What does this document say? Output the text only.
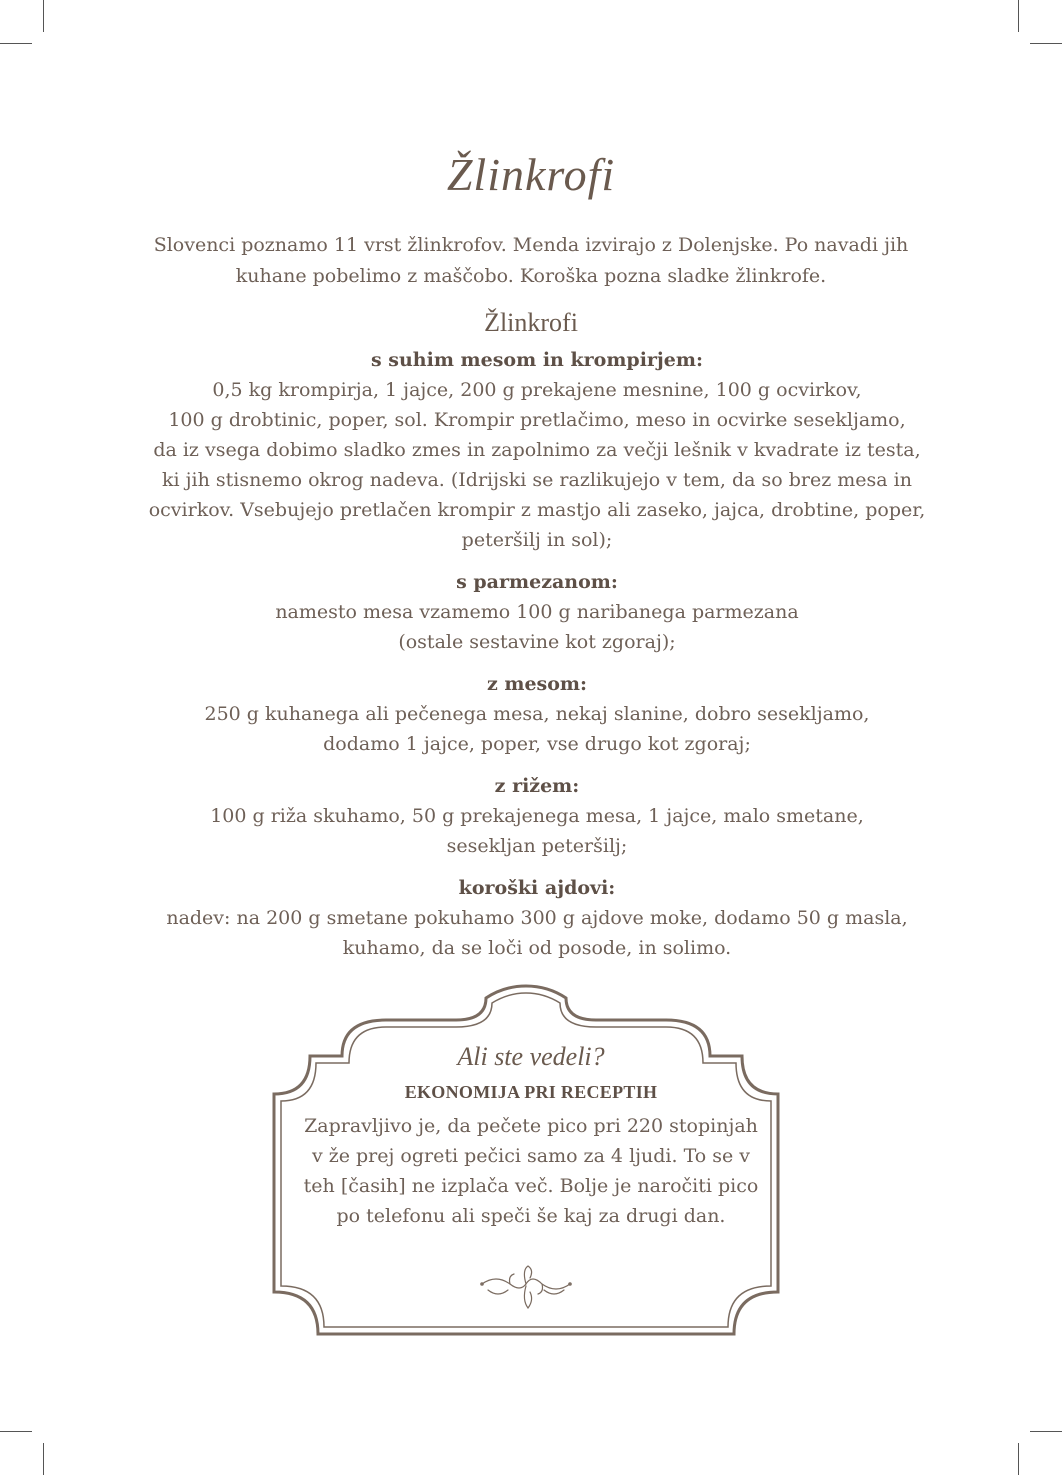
Žlinkrofi
Slovenci poznamo 11 vrst žlinkrofov. Menda izvirajo z Dolenjske. Po navadi jih kuhane pobelimo z maščobo. Koroška pozna sladke žlinkrofe.
Žlinkrofi
s suhim mesom in krompirjem:

0,5 kg krompirja, 1 jajce, 200 g prekajene mesnine, 100 g ocvirkov,

100 g drobtinic, poper, sol. Krompir pretlačimo, meso in ocvirke sesekljamo,

da iz vsega dobimo sladko zmes in zapolnimo za večji lešnik v kvadrate iz testa,

ki jih stisnemo okrog nadeva. (Idrijski se razlikujejo v tem, da so brez mesa in

ocvirkov. Vsebujejo pretlačen krompir z mastjo ali zaseko, jajca, drobtine, poper,

peteršilj in sol);

s parmezanom:

namesto mesa vzamemo 100 g naribanega parmezana

(ostale sestavine kot zgoraj);

z mesom:

250 g kuhanega ali pečenega mesa, nekaj slanine, dobro sesekljamo,

dodamo 1 jajce, poper, vse drugo kot zgoraj;

z rižem:

100 g riža skuhamo, 50 g prekajenega mesa, 1 jajce, malo smetane,

sesekljan peteršilj;

koroški ajdovi:

nadev: na 200 g smetane pokuhamo 300 g ajdove moke, dodamo 50 g masla,

kuhamo, da se loči od posode, in solimo.

Ali ste vedeli?
EKONOMIJA PRI RECEPTIH
Zapravljivo je, da pečete pico pri 220 stopinjah
v že prej ogreti pečici samo za 4 ljudi. To se v
teh [časih] ne izplača več. Bolje je naročiti pico
po telefonu ali speči še kaj za drugi dan.
